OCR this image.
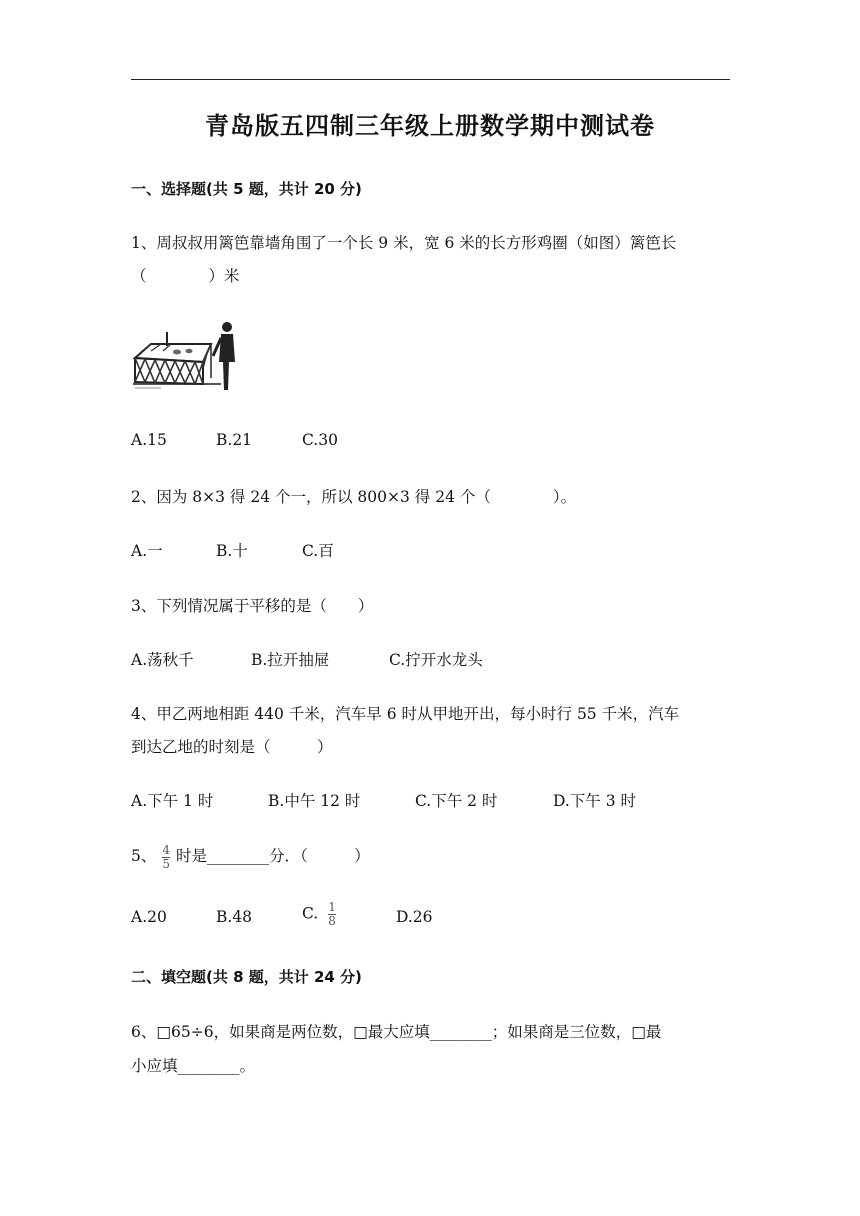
青岛版五四制三年级上册数学期中测试卷
一、选择题(共 5 题，共计 20 分)
1、周叔叔用篱笆靠墙角围了一个长 9 米，宽 6 米的长方形鸡圈（如图）篱笆长
（　　　　）米
A.15	B.21	C.30
2、因为 8×3 得 24 个一，所以 800×3 得 24 个（　　　　）。
A.一	B.十	C.百
3、下列情况属于平移的是（　　）
A.荡秋千	B.拉开抽屉	C.拧开水龙头
4、甲乙两地相距 440 千米，汽车早 6 时从甲地开出，每小时行 55 千米，汽车
到达乙地的时刻是（　　　）
A.下午 1 时	B.中午 12 时	C.下午 2 时	D.下午 3 时
5、 $\frac{4}{5}$ 时是________分．（　　　）
A.20	B.48	C. $\frac{1}{8}$	D.26
二、填空题(共 8 题，共计 24 分)
6、□65÷6，如果商是两位数，□最大应填________；如果商是三位数，□最
小应填________。
